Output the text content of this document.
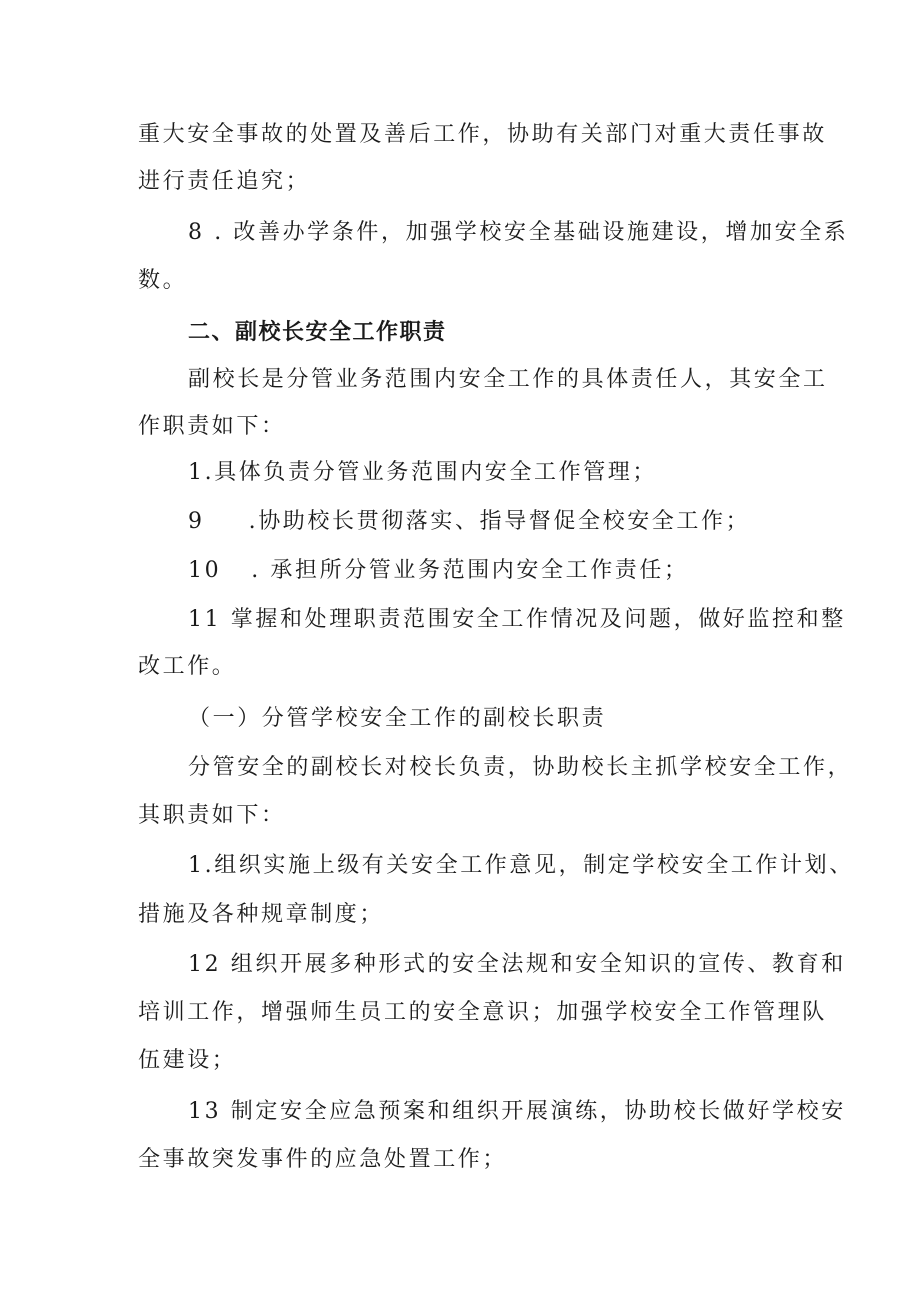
重大安全事故的处置及善后工作，协助有关部门对重大责任事故
进行责任追究；
8 . 改善办学条件，加强学校安全基础设施建设，增加安全系
数。
二、副校长安全工作职责
副校长是分管业务范围内安全工作的具体责任人，其安全工
作职责如下：
1.具体负责分管业务范围内安全工作管理；
9 .协助校长贯彻落实、指导督促全校安全工作；
10 . 承担所分管业务范围内安全工作责任；
11 掌握和处理职责范围安全工作情况及问题，做好监控和整
改工作。
（一）分管学校安全工作的副校长职责
分管安全的副校长对校长负责，协助校长主抓学校安全工作，
其职责如下：
1.组织实施上级有关安全工作意见，制定学校安全工作计划、
措施及各种规章制度；
12 组织开展多种形式的安全法规和安全知识的宣传、教育和
培训工作，增强师生员工的安全意识；加强学校安全工作管理队
伍建设；
13 制定安全应急预案和组织开展演练，协助校长做好学校安
全事故突发事件的应急处置工作；
